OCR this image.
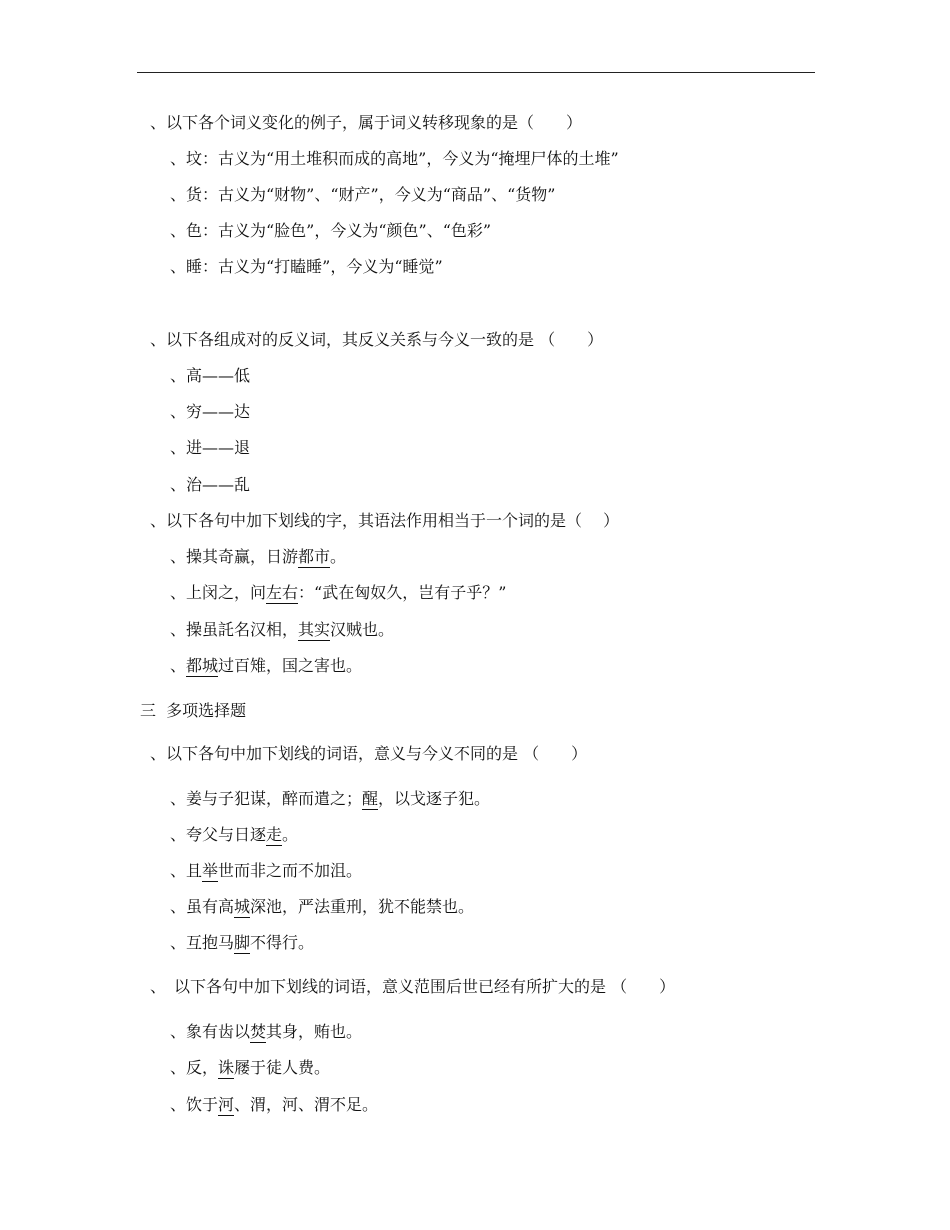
、以下各个词义变化的例子，属于词义转移现象的是（　　）
、坟：古义为“用土堆积而成的高地”，今义为“掩埋尸体的土堆”
、货：古义为“财物”、“财产”，今义为“商品”、“货物”
、色：古义为“脸色”，今义为“颜色”、“色彩”
、睡：古义为“打瞌睡”，今义为“睡觉”
、以下各组成对的反义词，其反义关系与今义一致的是 （　　）
、高——低
、穷——达
、进——退
、治——乱
、以下各句中加下划线的字，其语法作用相当于一个词的是（　 ）
、操其奇赢，日游都市。
、上闵之，问左右：“武在匈奴久，岂有子乎？”
、操虽託名汉相，其实汉贼也。
、都城过百雉，国之害也。
三  多项选择题
、以下各句中加下划线的词语，意义与今义不同的是 （　　）
、姜与子犯谋，醉而遣之；醒，以戈逐子犯。
、夸父与日逐走。
、且举世而非之而不加沮。
、虽有高城深池，严法重刑，犹不能禁也。
、互抱马脚不得行。
、　以下各句中加下划线的词语，意义范围后世已经有所扩大的是 （　　）
、象有齿以焚其身，贿也。
、反，诛屦于徒人费。
、饮于河、渭，河、渭不足。
